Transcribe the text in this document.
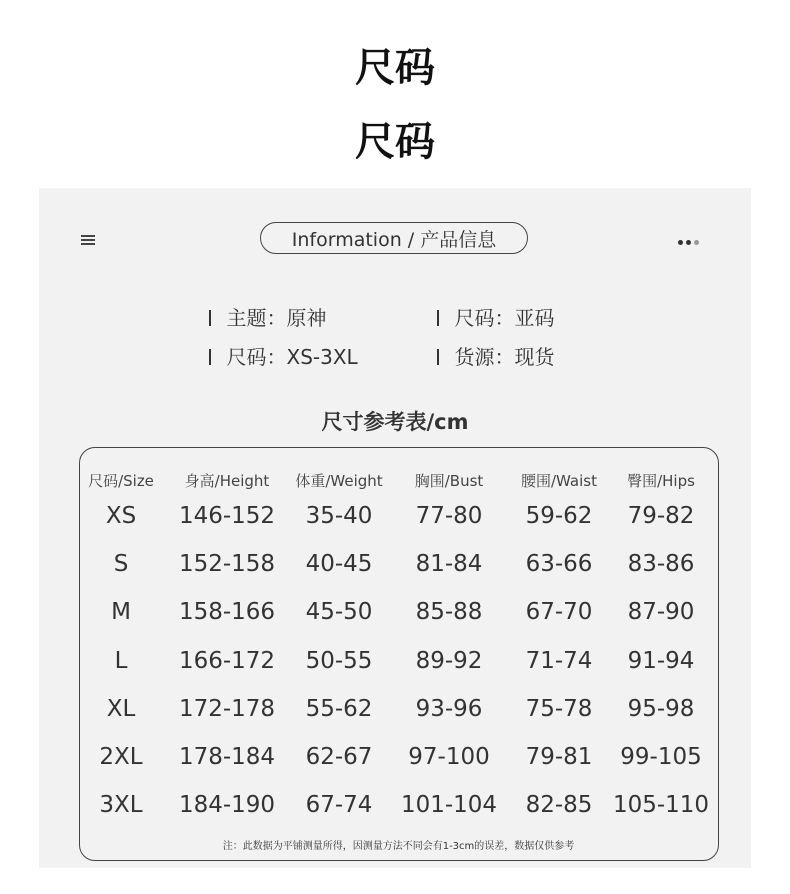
尺码
尺码
Information / 产品信息
主题：原神	尺码：亚码
尺码：XS-3XL	货源：现货
尺寸参考表/cm
注：此数据为平铺测量所得，因测量方法不同会有1-3cm的误差，数据仅供参考
尺码/Size 身高/Height 体重/Weight 胸围/Bust	腰围/Waist 臀围/Hips
XS 146-152 35-40 77-80 59-62 79-82
S 152-158 40-45 81-84 63-66 83-86
M 158-166 45-50 85-88 67-70 87-90
L 166-172 50-55 89-92 71-74 91-94
XL 172-178 55-62 93-96 75-78 95-98
2XL 178-184 62-67 97-100 79-81 99-105
3XL 184-190 67-74 101-104 82-85 105-110
